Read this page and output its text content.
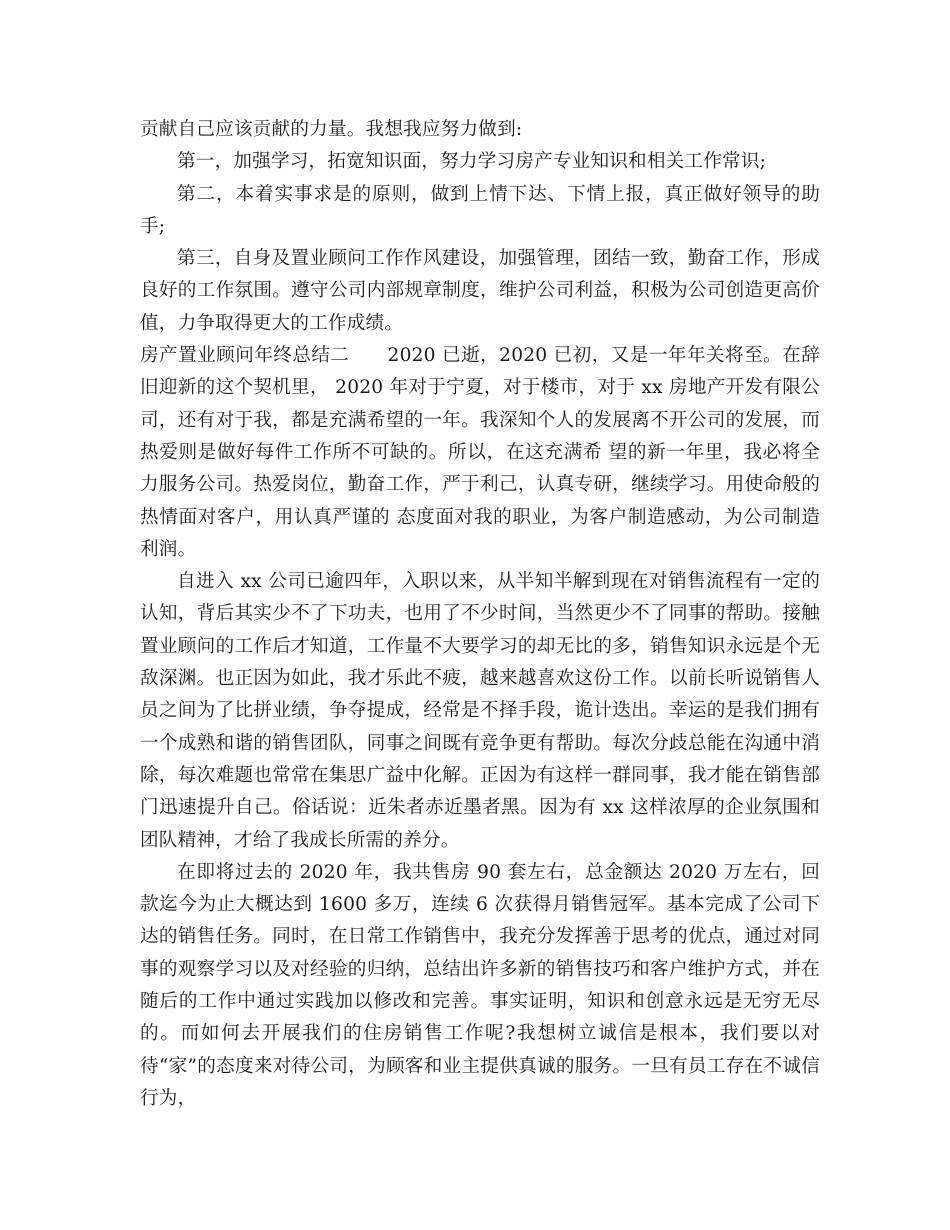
贡献自己应该贡献的力量。我想我应努力做到:

第一，加强学习，拓宽知识面，努力学习房产专业知识和相关工作常识;

第二，本着实事求是的原则，做到上情下达、下情上报，真正做好领导的助手;

第三，自身及置业顾问工作作风建设，加强管理，团结一致，勤奋工作，形成良好的工作氛围。遵守公司内部规章制度，维护公司利益，积极为公司创造更高价值，力争取得更大的工作成绩。

房产置业顾问年终总结二　　2020 已逝，2020 已初，又是一年年关将至。在辞旧迎新的这个契机里， 2020 年对于宁夏，对于楼市，对于 xx 房地产开发有限公司，还有对于我，都是充满希望的一年。我深知个人的发展离不开公司的发展，而热爱则是做好每件工作所不可缺的。所以，在这充满希 望的新一年里，我必将全力服务公司。热爱岗位，勤奋工作，严于利己，认真专研，继续学习。用使命般的热情面对客户，用认真严谨的 态度面对我的职业，为客户制造感动，为公司制造利润。

自进入 xx 公司已逾四年，入职以来，从半知半解到现在对销售流程有一定的认知，背后其实少不了下功夫，也用了不少时间，当然更少不了同事的帮助。接触置业顾问的工作后才知道，工作量不大要学习的却无比的多，销售知识永远是个无敌深渊。也正因为如此，我才乐此不疲，越来越喜欢这份工作。以前长听说销售人员之间为了比拼业绩，争夺提成，经常是不择手段，诡计迭出。幸运的是我们拥有一个成熟和谐的销售团队，同事之间既有竞争更有帮助。每次分歧总能在沟通中消除，每次难题也常常在集思广益中化解。正因为有这样一群同事，我才能在销售部门迅速提升自己。俗话说：近朱者赤近墨者黑。因为有 xx 这样浓厚的企业氛围和团队精神，才给了我成长所需的养分。

在即将过去的 2020 年，我共售房 90 套左右，总金额达 2020 万左右，回款迄今为止大概达到 1600 多万，连续 6 次获得月销售冠军。基本完成了公司下达的销售任务。同时，在日常工作销售中，我充分发挥善于思考的优点，通过对同事的观察学习以及对经验的归纳，总结出许多新的销售技巧和客户维护方式，并在随后的工作中通过实践加以修改和完善。事实证明，知识和创意永远是无穷无尽的。而如何去开展我们的住房销售工作呢?我想树立诚信是根本，我们要以对待“家”的态度来对待公司，为顾客和业主提供真诚的服务。一旦有员工存在不诚信行为，
